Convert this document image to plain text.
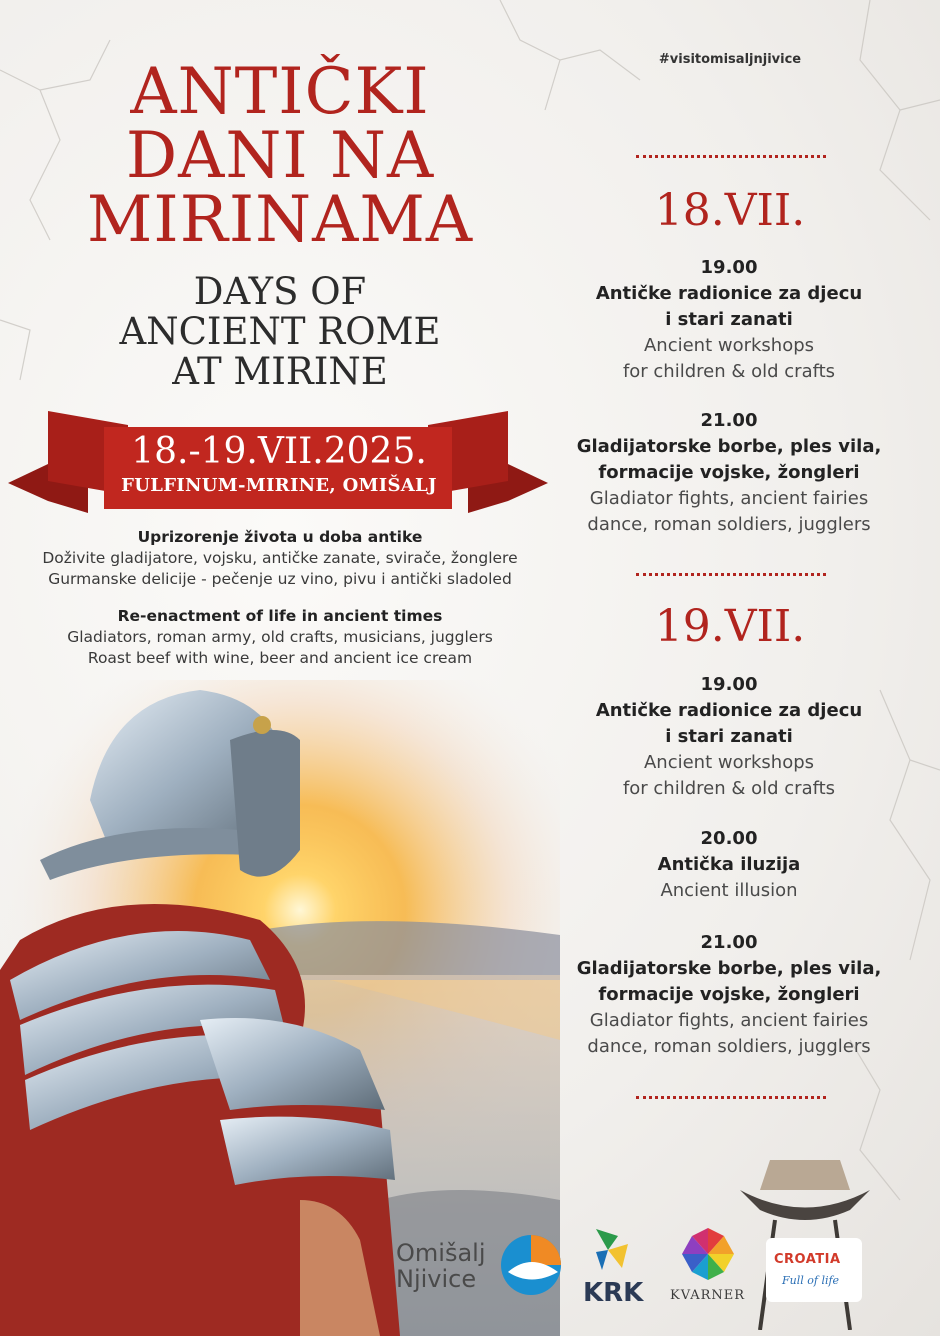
ANTIČKI
DANI NA
MIRINAMA
DAYS OF
ANCIENT ROME
AT MIRINE
18.-19.VII.2025.
FULFINUM-MIRINE, OMIŠALJ
Uprizorenje života u doba antike
Doživite gladijatore, vojsku, antičke zanate, svirače, žonglere
Gurmanske delicije - pečenje uz vino, pivu i antički sladoled
Re-enactment of life in ancient times
Gladiators, roman army, old crafts, musicians, jugglers
Roast beef with wine, beer and ancient ice cream
#visitomisaljnjivice
18.VII.
19.00
Antičke radionice za djecu
i stari zanati
Ancient workshops
for children & old crafts
21.00
Gladijatorske borbe, ples vila,
formacije vojske, žongleri
Gladiator fights, ancient fairies
dance, roman soldiers, jugglers
19.VII.
19.00
Antičke radionice za djecu
i stari zanati
Ancient workshops
for children & old crafts
20.00
Antička iluzija
Ancient illusion
21.00
Gladijatorske borbe, ples vila,
formacije vojske, žongleri
Gladiator fights, ancient fairies
dance, roman soldiers, jugglers
Omišalj
Njivice	KRK KVARNER
CROATIA
Full of life
